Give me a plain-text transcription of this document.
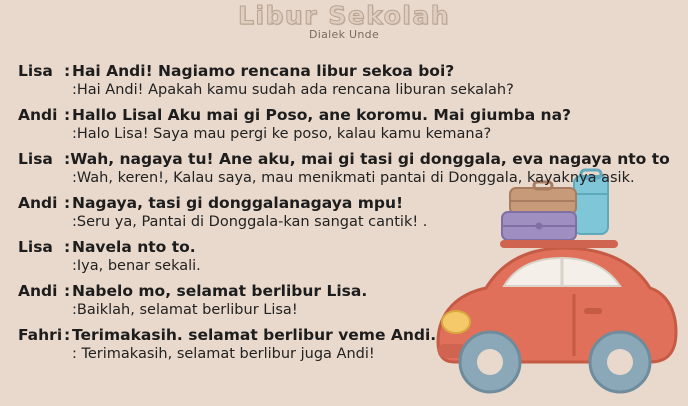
Libur Sekolah
Dialek Unde
Lisa : Hai Andi! Nagiamo rencana libur sekoa boi?
:Hai Andi! Apakah kamu sudah ada rencana liburan sekalah?
Andi : Hallo Lisal Aku mai gi Poso, ane koromu. Mai giumba na?
:Halo Lisa! Saya mau pergi ke poso, kalau kamu kemana?
Lisa : Wah, nagaya tu! Ane aku, mai gi tasi gi donggala, eva nagaya nto to
:Wah, keren!, Kalau saya, mau menikmati pantai di Donggala, kayaknya asik.
Andi : Nagaya, tasi gi donggalanagaya mpu!
:Seru ya, Pantai di Donggala-kan sangat cantik! .
Lisa : Navela nto to.
:Iya, benar sekali.
Andi : Nabelo mo, selamat berlibur Lisa.
:Baiklah, selamat berlibur Lisa!
Fahri : Terimakasih. selamat berlibur veme Andi.
: Terimakasih, selamat berlibur juga Andi!
